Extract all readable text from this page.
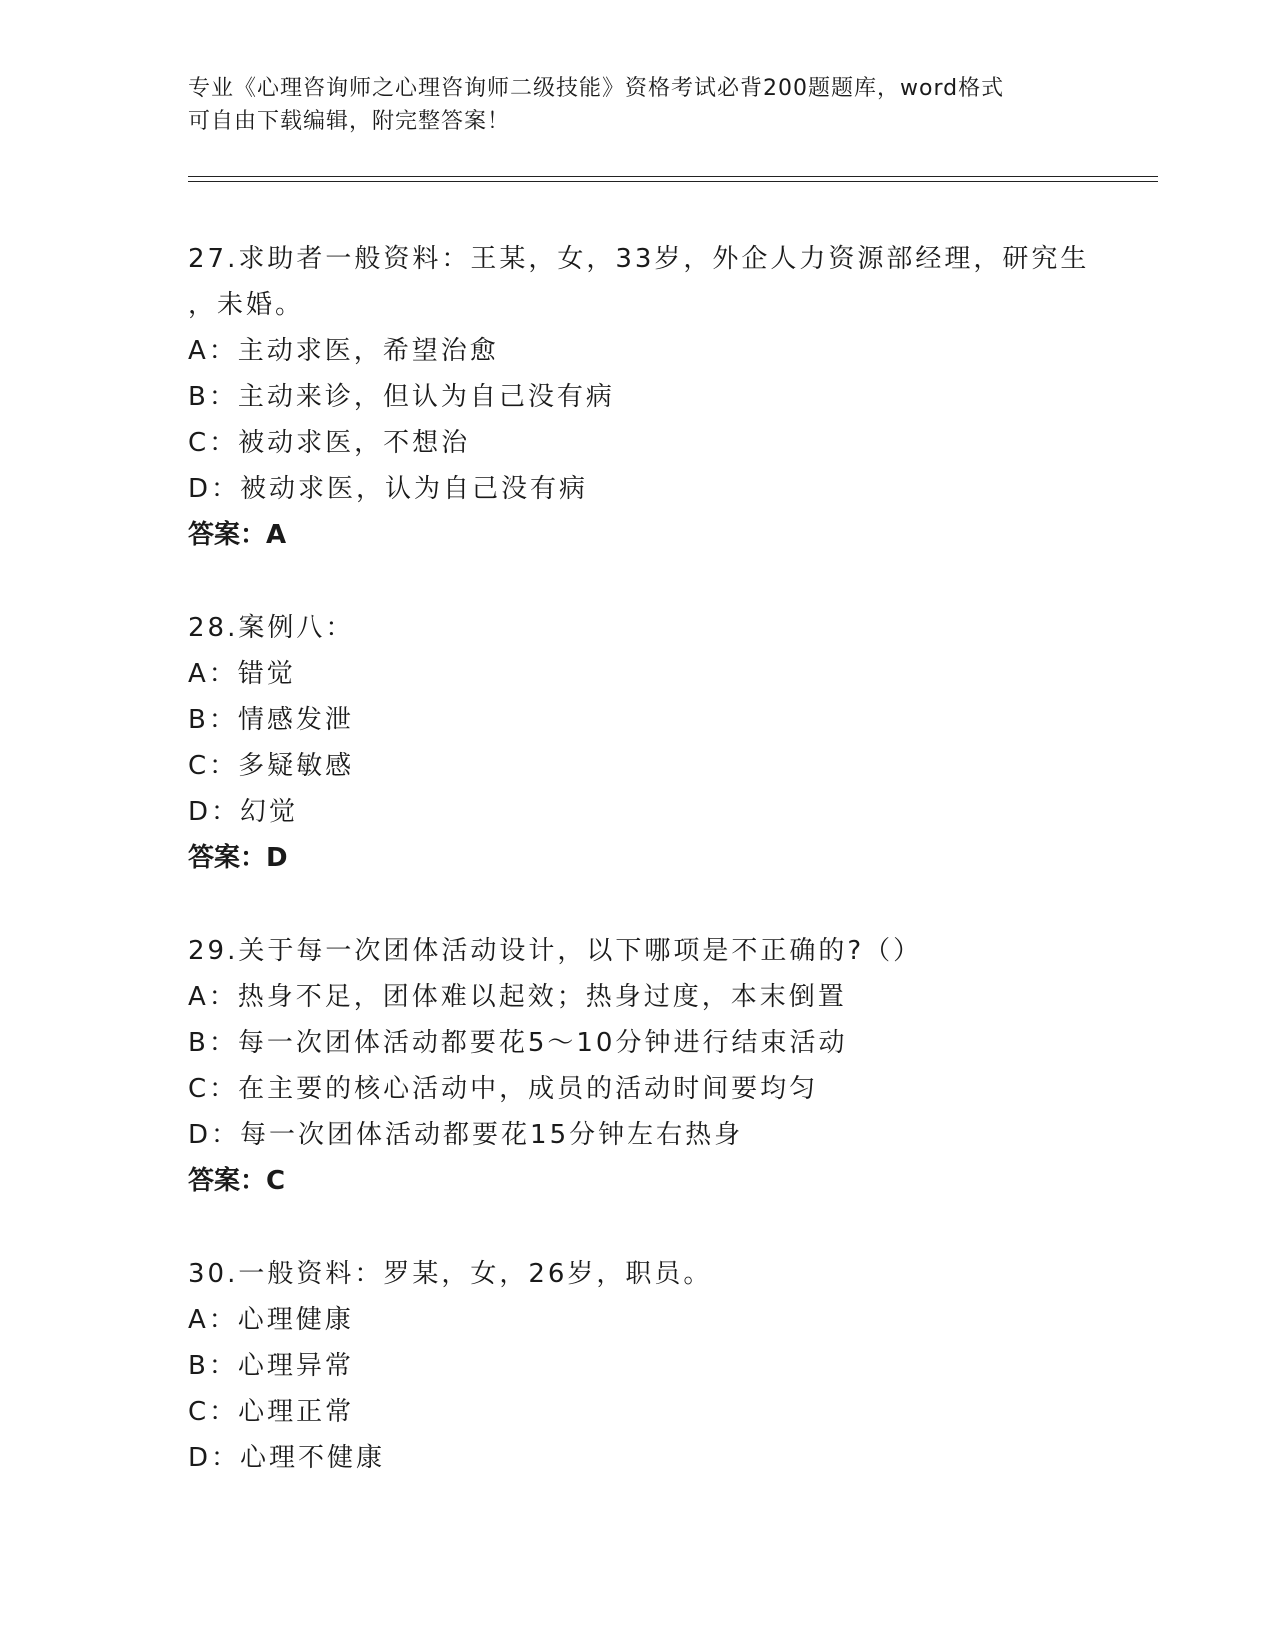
专业《心理咨询师之心理咨询师二级技能》资格考试必背200题题库，word格式
可自由下载编辑，附完整答案！
27.求助者一般资料：王某，女，33岁，外企人力资源部经理，研究生
，未婚。
A：主动求医，希望治愈
B：主动来诊，但认为自己没有病
C：被动求医，不想治
D：被动求医，认为自己没有病
答案：A
28.案例八：
A：错觉
B：情感发泄
C：多疑敏感
D：幻觉
答案：D
29.关于每一次团体活动设计，以下哪项是不正确的?（）
A：热身不足，团体难以起效；热身过度，本末倒置
B：每一次团体活动都要花5～10分钟进行结束活动
C：在主要的核心活动中，成员的活动时间要均匀
D：每一次团体活动都要花15分钟左右热身
答案：C
30.一般资料：罗某，女，26岁，职员。
A：心理健康
B：心理异常
C：心理正常
D：心理不健康
